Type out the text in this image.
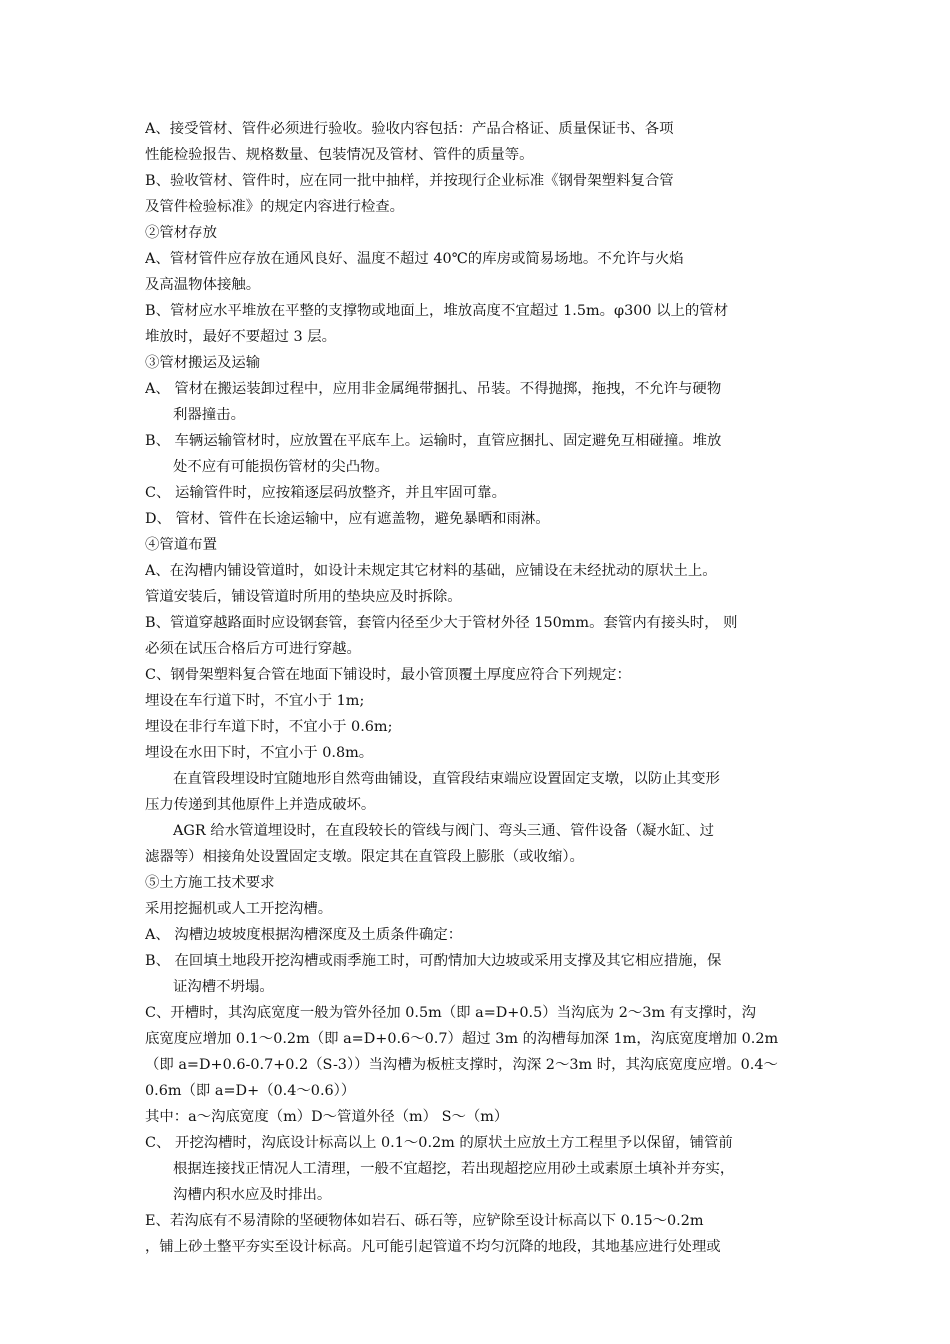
A、接受管材、管件必须进行验收。验收内容包括：产品合格证、质量保证书、各项
性能检验报告、规格数量、包装情况及管材、管件的质量等。
B、验收管材、管件时，应在同一批中抽样，并按现行企业标准《钢骨架塑料复合管
及管件检验标准》的规定内容进行检查。
②管材存放
A、管材管件应存放在通风良好、温度不超过 40℃的库房或简易场地。不允许与火焰
及高温物体接触。
B、管材应水平堆放在平整的支撑物或地面上，堆放高度不宜超过 1.5m。φ300 以上的管材
堆放时，最好不要超过 3 层。
③管材搬运及运输
A、 管材在搬运装卸过程中，应用非金属绳带捆扎、吊装。不得抛掷，拖拽，不允许与硬物
利器撞击。
B、 车辆运输管材时，应放置在平底车上。运输时，直管应捆扎、固定避免互相碰撞。堆放
处不应有可能损伤管材的尖凸物。
C、 运输管件时，应按箱逐层码放整齐，并且牢固可靠。
D、 管材、管件在长途运输中，应有遮盖物，避免暴晒和雨淋。
④管道布置
A、在沟槽内铺设管道时，如设计未规定其它材料的基础，应铺设在未经扰动的原状土上。
管道安装后，铺设管道时所用的垫块应及时拆除。
B、管道穿越路面时应设钢套管，套管内径至少大于管材外径 150mm。套管内有接头时， 则
必须在试压合格后方可进行穿越。
C、钢骨架塑料复合管在地面下铺设时，最小管顶覆土厚度应符合下列规定：
埋设在车行道下时，不宜小于 1m;
埋设在非行车道下时，不宜小于 0.6m;
埋设在水田下时，不宜小于 0.8m。
在直管段埋设时宜随地形自然弯曲铺设，直管段结束端应设置固定支墩，以防止其变形
压力传递到其他原件上并造成破坏。
AGR 给水管道埋设时，在直段较长的管线与阀门、弯头三通、管件设备（凝水缸、过
滤器等）相接角处设置固定支墩。限定其在直管段上膨胀（或收缩）。
⑤土方施工技术要求
采用挖掘机或人工开挖沟槽。
A、 沟槽边坡坡度根据沟槽深度及土质条件确定：
B、 在回填土地段开挖沟槽或雨季施工时，可酌情加大边坡或采用支撑及其它相应措施，保
证沟槽不坍塌。
C、开槽时，其沟底宽度一般为管外径加 0.5m（即 a=D+0.5）当沟底为 2～3m 有支撑时，沟
底宽度应增加 0.1～0.2m（即 a=D+0.6～0.7）超过 3m 的沟槽每加深 1m，沟底宽度增加 0.2m
（即 a=D+0.6-0.7+0.2（S-3））当沟槽为板桩支撑时，沟深 2～3m 时，其沟底宽度应增。0.4～
0.6m（即 a=D+（0.4～0.6））
其中：a～沟底宽度（m）D～管道外径（m） S～（m）
C、 开挖沟槽时，沟底设计标高以上 0.1～0.2m 的原状土应放土方工程里予以保留，铺管前
根据连接找正情况人工清理，一般不宜超挖，若出现超挖应用砂土或素原土填补并夯实，
沟槽内积水应及时排出。
E、若沟底有不易清除的坚硬物体如岩石、砾石等，应铲除至设计标高以下 0.15～0.2m
，铺上砂土整平夯实至设计标高。凡可能引起管道不均匀沉降的地段，其地基应进行处理或
